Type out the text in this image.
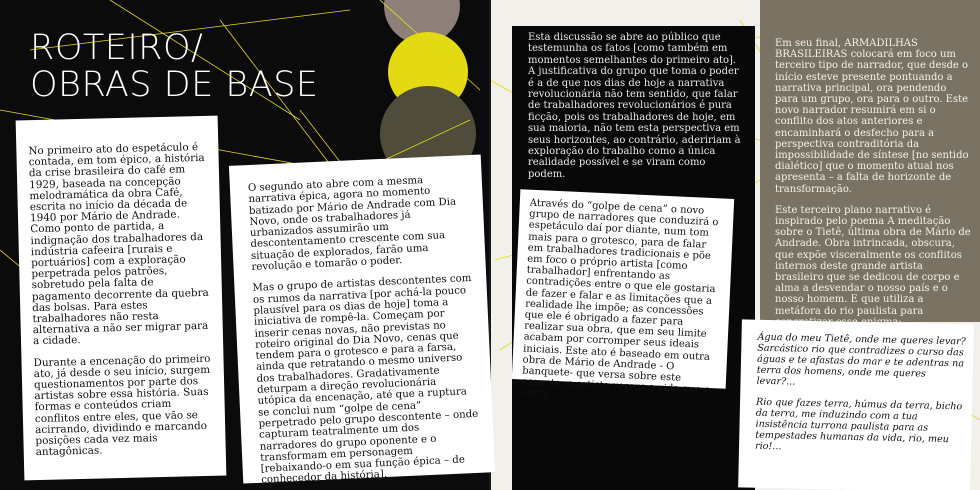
ROTEIRO/
OBRAS DE BASE

No primeiro ato do espetáculo é contada, em tom épico, a história da crise brasileira do café em 1929, baseada na concepção melodramática da obra Café, escrita no início da década de 1940 por Mário de Andrade. Como ponto de partida, a indignação dos trabalhadores da indústria cafeeira [rurais e portuários] com a exploração perpetrada pelos patrões, sobretudo pela falta de pagamento decorrente da quebra das bolsas. Para estes trabalhadores não resta alternativa a não ser migrar para a cidade.

Durante a encenação do primeiro ato, já desde o seu início, surgem questionamentos por parte dos artistas sobre essa história. Suas formas e conteúdos criam conflitos entre eles, que vão se acirrando, dividindo e marcando posições cada vez mais antagônicas.

O segundo ato abre com a mesma narrativa épica, agora no momento batizado por Mário de Andrade com Dia Novo, onde os trabalhadores já urbanizados assumirão um descontentamento crescente com sua situação de explorados, farão uma revolução e tomarão o poder.

Mas o grupo de artistas descontentes com os rumos da narrativa [por achá-la pouco plausível para os dias de hoje] toma a iniciativa de rompê-la. Começam por inserir cenas novas, não previstas no roteiro original do Dia Novo, cenas que tendem para o grotesco e para a farsa, ainda que retratando o mesmo universo dos trabalhadores. Gradativamente deturpam a direção revolucionária utópica da encenação, até que a ruptura se conclui num “golpe de cena” perpetrado pelo grupo descontente – onde capturam teatralmente um dos narradores do grupo oponente e o transformam em personagem [rebaixando-o em sua função épica – de conhecedor da história].

Esta discussão se abre ao público que testemunha os fatos [como também em momentos semelhantes do primeiro ato]. A justificativa do grupo que toma o poder é a de que nos dias de hoje a narrativa revolucionária não tem sentido, que falar de trabalhadores revolucionários é pura ficção, pois os trabalhadores de hoje, em sua maioria, não tem esta perspectiva em seus horizontes, ao contrário, adeririam à exploração do trabalho como a única realidade possível e se viram como podem.

Através do “golpe de cena” o novo grupo de narradores que conduzirá o espetáculo daí por diante, num tom mais para o grotesco, para de falar em trabalhadores tradicionais e põe em foco o próprio artista [como trabalhador] enfrentando as contradições entre o que ele gostaria de fazer e falar e as limitações que a realidade lhe impõe; as concessões que ele é obrigado a fazer para realizar sua obra, que em seu limite acabam por corromper seus ideais iniciais. Este ato é baseado em outra obra de Mário de Andrade - O banquete- que versa sobre este assunto: o artista versus a vida que o cerca.

Em seu final, ARMADILHAS BRASILEIRAS colocará em foco um terceiro tipo de narrador, que desde o início esteve presente pontuando a narrativa principal, ora pendendo para um grupo, ora para o outro. Este novo narrador resumirá em si o conflito dos atos anteriores e encaminhará o desfecho para a perspectiva contraditória da impossibilidade de síntese [no sentido dialético] que o momento atual nos apresenta – a falta de horizonte de transformação.

Este terceiro plano narrativo é inspirado pelo poema A meditação sobre o Tietê, última obra de Mário de Andrade. Obra intrincada, obscura, que expõe visceralmente os conflitos internos deste grande artista brasileiro que se dedicou de corpo e alma a desvendar o nosso país e o nosso homem. E que utiliza a metáfora do rio paulista para

Água do meu Tietê, onde me queres levar? Sarcástico rio que contradizes o curso das águas e te afastas do mar e te adentras na terra dos homens, onde me queres levar?...

Rio que fazes terra, húmus da terra, bicho da terra, me induzindo com a tua insistência turrona paulista para as tempestades humanas da vida, rio, meu rio!...
